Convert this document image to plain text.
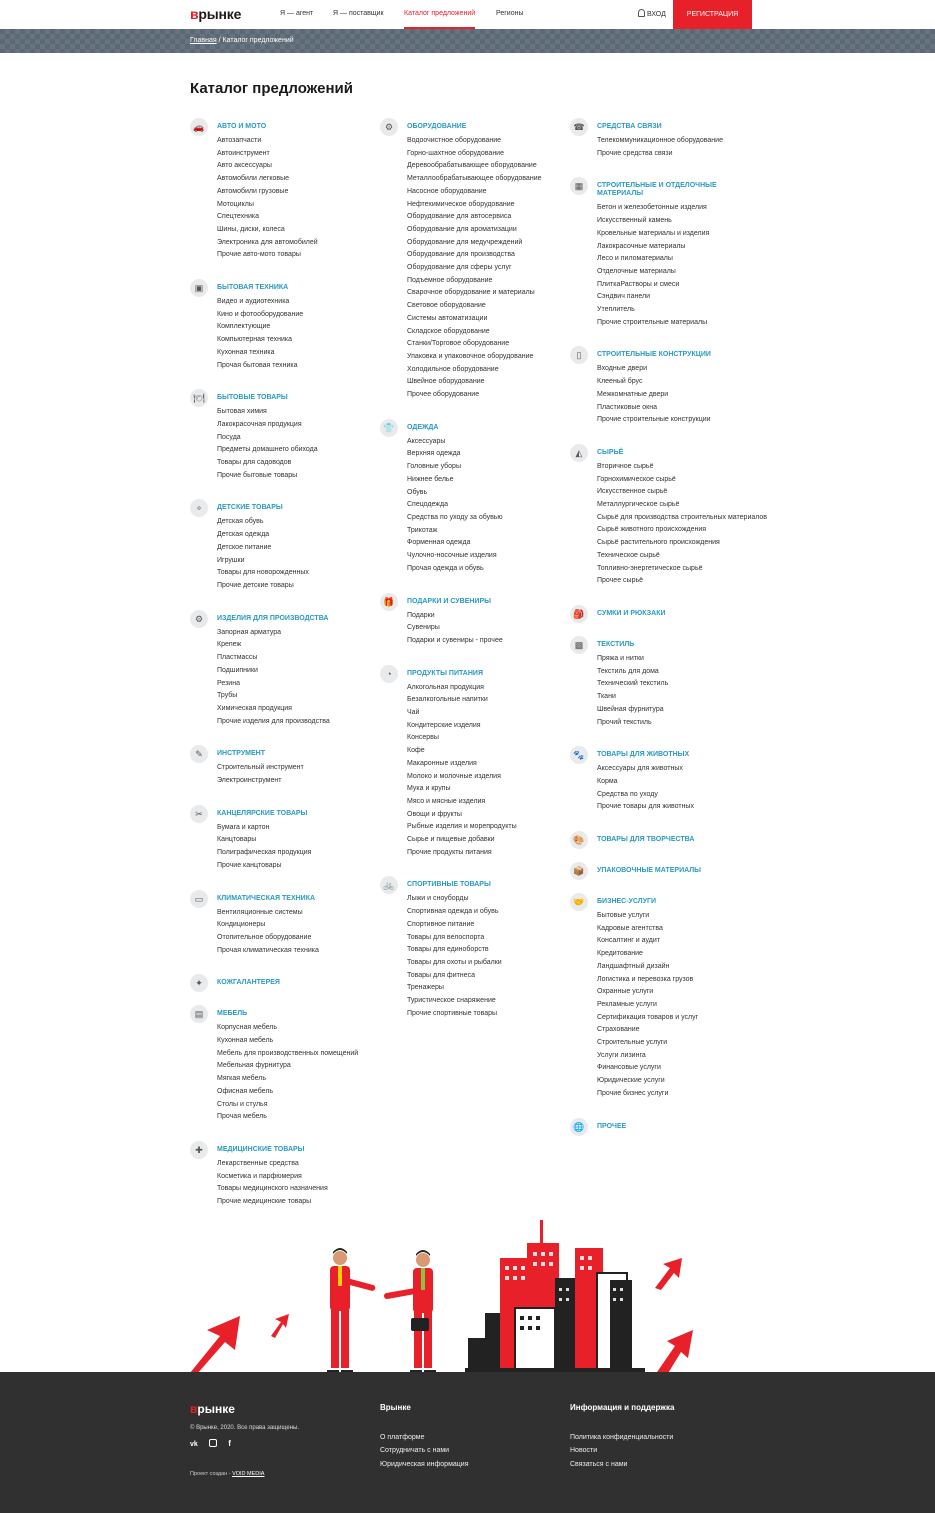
врынке	Я — агент	Я — поставщик	Каталог предложений	Регионы	ВХОД	РЕГИСТРАЦИЯ
Главная / Каталог предложений
Каталог предложений
🚗	АВТО И МОТО
Автозапчасти
Автоинструмент
Авто аксессуары
Автомобили легковые
Автомобили грузовые
Мотоциклы
Спецтехника
Шины, диски, колеса
Электроника для автомобилей
Прочие авто-мото товары
▣	БЫТОВАЯ ТЕХНИКА
Видео и аудиотехника
Кино и фотооборудование
Комплектующие
Компьютерная техника
Кухонная техника
Прочая бытовая техника
🍽	БЫТОВЫЕ ТОВАРЫ
Бытовая химия
Лакокрасочная продукция
Посуда
Предметы домашнего обихода
Товары для садоводов
Прочие бытовые товары
⚬	ДЕТСКИЕ ТОВАРЫ
Детская обувь
Детская одежда
Детское питание
Игрушки
Товары для новорожденных
Прочие детские товары
⚙	ИЗДЕЛИЯ ДЛЯ ПРОИЗВОДСТВА
Запорная арматура
Крепеж
Пластмассы
Подшипники
Резина
Трубы
Химическая продукция
Прочие изделия для производства
✎	ИНСТРУМЕНТ
Строительный инструмент
Электроинструмент
✂	КАНЦЕЛЯРСКИЕ ТОВАРЫ
Бумага и картон
Канцтовары
Полиграфическая продукция
Прочие канцтовары
▭	КЛИМАТИЧЕСКАЯ ТЕХНИКА
Вентиляционные системы
Кондиционеры
Отопительное оборудование
Прочая климатическая техника
✦	КОЖГАЛАНТЕРЕЯ
▤	МЕБЕЛЬ
Корпусная мебель
Кухонная мебель
Мебель для производственных помещений
Мебельная фурнитура
Мягкая мебель
Офисная мебель
Столы и стулья
Прочая мебель
✚	МЕДИЦИНСКИЕ ТОВАРЫ
Лекарственные средства
Косметика и парфюмерия
Товары медицинского назначения
Прочие медицинские товары
⚙	ОБОРУДОВАНИЕ
Водоочистное оборудование
Горно-шахтное оборудование
Деревообрабатывающее оборудование
Металлообрабатывающее оборудование
Насосное оборудование
Нефтехимическое оборудование
Оборудование для автосервиса
Оборудование для ароматизации
Оборудование для медучреждений
Оборудование для производства
Оборудование для сферы услуг
Подъемное оборудование
Сварочное оборудование и материалы
Световое оборудование
Системы автоматизации
Складское оборудование
Станки/Торговое оборудование
Упаковка и упаковочное оборудование
Холодильное оборудование
Швейное оборудование
Прочее оборудование
👕	ОДЕЖДА
Аксессуары
Верхняя одежда
Головные уборы
Нижнее белье
Обувь
Спецодежда
Средства по уходу за обувью
Трикотаж
Форменная одежда
Чулочно-носочные изделия
Прочая одежда и обувь
🎁	ПОДАРКИ И СУВЕНИРЫ
Подарки
Сувениры
Подарки и сувениры - прочее
◔	ПРОДУКТЫ ПИТАНИЯ
Алкогольная продукция
Безалкогольные напитки
Чай
Кондитерские изделия
Консервы
Кофе
Макаронные изделия
Молоко и молочные изделия
Мука и крупы
Мясо и мясные изделия
Овощи и фрукты
Рыбные изделия и морепродукты
Сырье и пищевые добавки
Прочие продукты питания
🚲	СПОРТИВНЫЕ ТОВАРЫ
Лыжи и сноуборды
Спортивная одежда и обувь
Спортивное питание
Товары для велоспорта
Товары для единоборств
Товары для охоты и рыбалки
Товары для фитнеса
Тренажеры
Туристическое снаряжение
Прочие спортивные товары
☎	СРЕДСТВА СВЯЗИ
Телекоммуникационное оборудование
Прочие средства связи
▦	СТРОИТЕЛЬНЫЕ И ОТДЕЛОЧНЫЕ МАТЕРИАЛЫ
Бетон и железобетонные изделия
Искусственный камень
Кровельные материалы и изделия
Лакокрасочные материалы
Лесо и пиломатериалы
Отделочные материалы
ПлиткаРастворы и смеси
Сэндвич панели
Утеплитель
Прочие строительные материалы
▯	СТРОИТЕЛЬНЫЕ КОНСТРУКЦИИ
Входные двери
Клееный брус
Межкомнатные двери
Пластиковые окна
Прочие строительные конструкции
◭	СЫРЬЁ
Вторичное сырьё
Горнохимическое сырьё
Искусственное сырьё
Металлургическое сырьё
Сырьё для производства строительных материалов
Сырьё животного происхождения
Сырьё растительного происхождения
Техническое сырьё
Топливно-энергетическое сырьё
Прочее сырьё
🎒	СУМКИ И РЮКЗАКИ
▩	ТЕКСТИЛЬ
Пряжа и нитки
Текстиль для дома
Технический текстиль
Ткани
Швейная фурнитура
Прочий текстиль
🐾	ТОВАРЫ ДЛЯ ЖИВОТНЫХ
Аксессуары для животных
Корма
Средства по уходу
Прочие товары для животных
🎨	ТОВАРЫ ДЛЯ ТВОРЧЕСТВА
📦	УПАКОВОЧНЫЕ МАТЕРИАЛЫ
🤝	БИЗНЕС-УСЛУГИ
Бытовые услуги
Кадровые агентства
Консалтинг и аудит
Кредитование
Ландшафтный дизайн
Логистика и перевозка грузов
Охранные услуги
Рекламные услуги
Сертификация товаров и услуг
Страхование
Строительные услуги
Услуги лизинга
Финансовые услуги
Юридические услуги
Прочие бизнес услуги
🌐	ПРОЧЕЕ
врынке
© Врынке, 2020. Все права защищены.
vk	f
Проект создан - VOID MEDIA
Врынке
О платформе
Сотрудничать с нами
Юридическая информация
Информация и поддержка
Политика конфиденциальности
Новости
Связаться с нами
